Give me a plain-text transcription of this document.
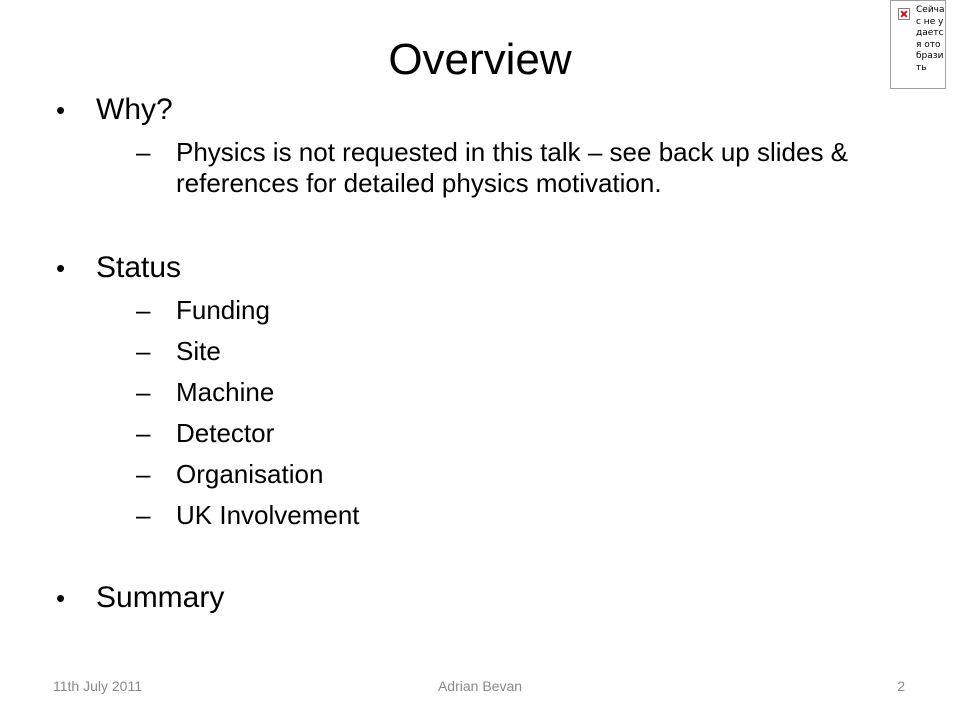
Overview
•	Why?
– Physics is not requested in this talk – see back up slides & references for detailed physics motivation.
•	Status
– Funding
– Site
– Machine
– Detector
– Organisation
– UK Involvement
•	Summary
11th July 2011	Adrian Bevan	2
Сейчас не удается отобразить
